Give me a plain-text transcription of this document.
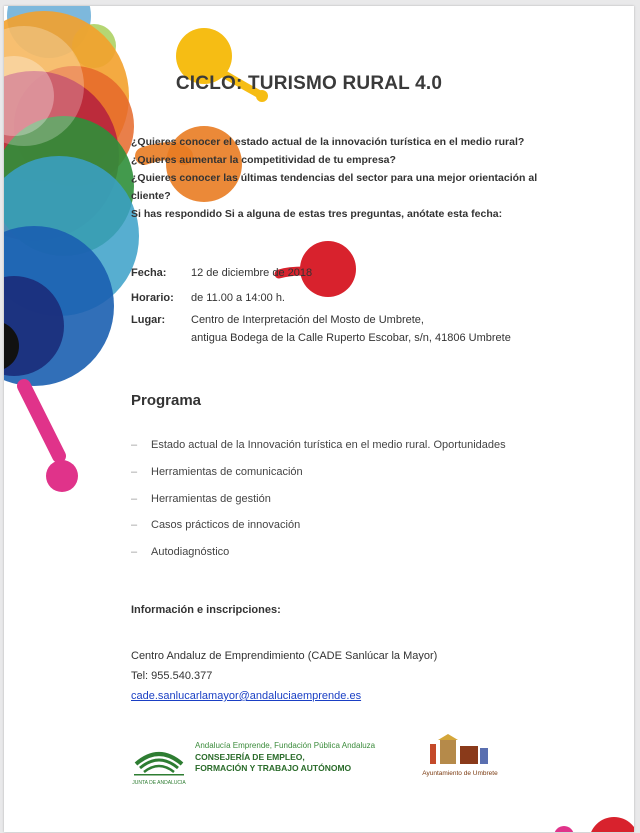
CICLO: TURISMO RURAL 4.0
¿Quieres conocer el estado actual de la innovación turística en el medio rural?
¿Quieres aumentar la competitividad de tu empresa?
¿Quieres conocer las últimas tendencias del sector para una mejor orientación al
cliente?
Si has respondido Si a alguna de estas tres preguntas, anótate esta fecha:
Fecha: 12 de diciembre de 2018
Horario: de 11.00 a 14:00 h.
Lugar: Centro de Interpretación del Mosto de Umbrete,
antigua Bodega de la Calle Ruperto Escobar, s/n, 41806 Umbrete
Programa
– Estado actual de la Innovación turística en el medio rural. Oportunidades
– Herramientas de comunicación
– Herramientas de gestión
– Casos prácticos de innovación
– Autodiagnóstico
Información e inscripciones:
Centro Andaluz de Emprendimiento (CADE Sanlúcar la Mayor)
Tel: 955.540.377
cade.sanlucarlamayor@andaluciaemprende.es
JUNTA DE ANDALUCIA
Andalucía Emprende, Fundación Pública Andaluza
CONSEJERÍA DE EMPLEO,
FORMACIÓN Y TRABAJO AUTÓNOMO
Ayuntamiento de Umbrete
